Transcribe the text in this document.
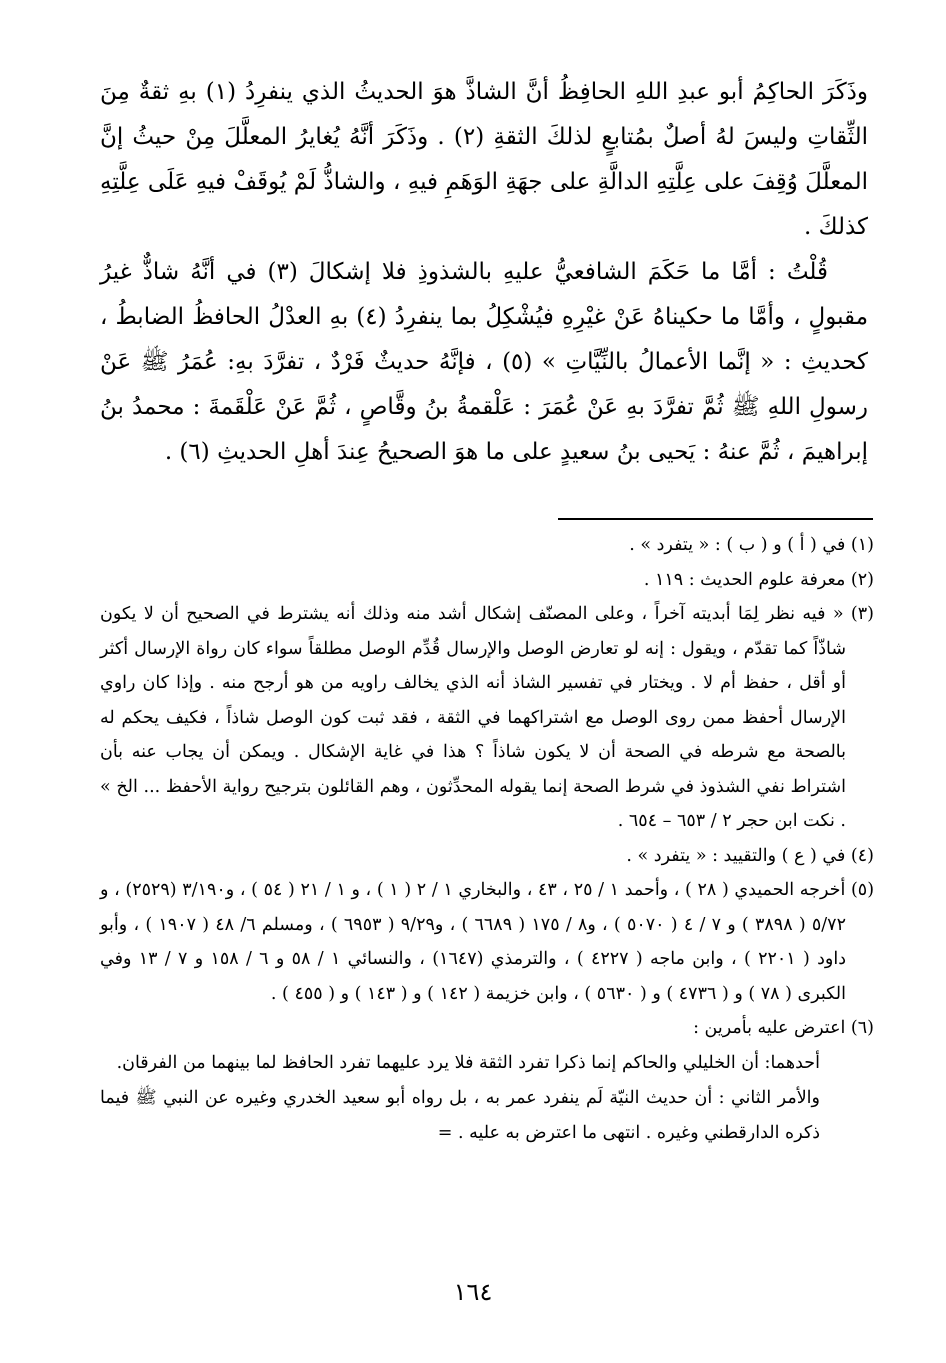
وذَكَرَ الحاكِمُ أبو عبدِ اللهِ الحافِظُ أنَّ الشاذَّ هوَ الحديثُ الذي ينفرِدُ (١) بهِ ثقةٌ مِنَ الثِّقاتِ وليسَ لهُ أصلٌ بمُتابعٍ لذلكَ الثقةِ (٢) . وذَكَرَ أنَّهُ يُغايرُ المعلَّلَ مِنْ حيثُ إنَّ المعلَّلَ وُقِفَ على عِلَّتِهِ الدالَّةِ على جهَةِ الوَهَمِ فيهِ ، والشاذُّ لَمْ يُوقَفْ فيهِ عَلَى عِلَّتِهِ كذلكَ .

قُلْتُ : أمَّا ما حَكَمَ الشافعيُّ عليهِ بالشذوذِ فلا إشكالَ (٣) في أنَّهُ شاذٌّ غيرُ مقبولٍ ، وأمَّا ما حكيناهُ عَنْ غيْرِهِ فيُشْكِلُ بما ينفرِدُ (٤) بهِ العدْلُ الحافظُ الضابطُ ، كحديثِ : « إنَّما الأعمالُ بالنِّيَّاتِ » (٥) ، فإنَّهُ حديثٌ فَرْدٌ ، تفرَّدَ بهِ: عُمَرُ ﷺ عَنْ رسولِ اللهِ ﷺ ثُمَّ تفرَّدَ بهِ عَنْ عُمَرَ : عَلْقمةُ بنُ وقَّاصٍ ، ثُمَّ عَنْ عَلْقَمةَ : محمدُ بنُ إبراهيمَ ، ثُمَّ عنهُ : يَحيى بنُ سعيدٍ على ما هوَ الصحيحُ عِندَ أهلِ الحديثِ (٦) .

(١) في ( أ ) و ( ب ) : « يتفرد » .

(٢) معرفة علوم الحديث : ١١٩ .

(٣) « فيه نظر لِمَا أبديته آخراً ، وعلى المصنّف إشكال أشد منه وذلك أنه يشترط في الصحيح أن لا يكون شاذّاً كما تقدّم ، ويقول : إنه لو تعارض الوصل والإرسال قُدِّم الوصل مطلقاً سواء كان رواة الإرسال أكثر أو أقل ، حفظ أم لا . ويختار في تفسير الشاذ أنه الذي يخالف راويه من هو أرجح منه . وإذا كان راوي الإرسال أحفظ ممن روى الوصل مع اشتراكهما في الثقة ، فقد ثبت كون الوصل شاذاً ، فكيف يحكم له بالصحة مع شرطه في الصحة أن لا يكون شاذاً ؟ هذا في غاية الإشكال . ويمكن أن يجاب عنه بأن اشتراط نفي الشذوذ في شرط الصحة إنما يقوله المحدِّثون ، وهم القائلون بترجيح رواية الأحفظ ... الخ » . نكت ابن حجر ٢ / ٦٥٣ – ٦٥٤ .

(٤) في ( ع ) والتقييد : « يتفرد » .

(٥) أخرجه الحميدي ( ٢٨ ) ، وأحمد ١ / ٢٥ ، ٤٣ ، والبخاري ١ / ٢ ( ١ ) ، و ١ / ٢١ ( ٥٤ ) ، و٣/١٩٠ (٢٥٢٩) ، و ٥/٧٢ ( ٣٨٩٨ ) و ٧ / ٤ ( ٥٠٧٠ ) ، و٨ / ١٧٥ ( ٦٦٨٩ ) ، و٩/٢٩ ( ٦٩٥٣ ) ، ومسلم ٦/ ٤٨ ( ١٩٠٧ ) ، وأبو داود ( ٢٢٠١ ) ، وابن ماجه ( ٤٢٢٧ ) ، والترمذي (١٦٤٧) ، والنسائي ١ / ٥٨ و ٦ / ١٥٨ و ٧ / ١٣ وفي الكبرى ( ٧٨ ) و ( ٤٧٣٦ ) و ( ٥٦٣٠ ) ، وابن خزيمة ( ١٤٢ ) و ( ١٤٣ ) و ( ٤٥٥ ) .

(٦) اعترض عليه بأمرين :

أحدهما: أن الخليلي والحاكم إنما ذكرا تفرد الثقة فلا يرد عليهما تفرد الحافظ لما بينهما من الفرقان.

والأمر الثاني : أن حديث النيّة لَم ينفرد عمر به ، بل رواه أبو سعيد الخدري وغيره عن النبي ﷺ فيما ذكره الدارقطني وغيره . انتهى ما اعترض به عليه . =

١٦٤
